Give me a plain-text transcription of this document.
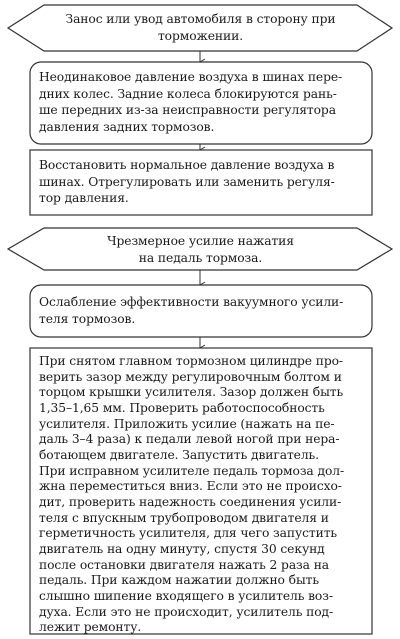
Занос или увод автомобиля в сторону при
торможении.
Неодинаковое давление воздуха в шинах пере-
дних колес. Задние колеса блокируются рань-
ше передних из-за неисправности регулятора
давления задних тормозов.
Восстановить нормальное давление воздуха в
шинах. Отрегулировать или заменить регуля-
тор давления.
Чрезмерное усилие нажатия
на педаль тормоза.
Ослабление эффективности вакуумного усили-
теля тормозов.
При снятом главном тормозном цилиндре про-
верить зазор между регулировочным болтом и
торцом крышки усилителя. Зазор должен быть
1,35–1,65 мм. Проверить работоспособность
усилителя. Приложить усилие (нажать на пе-
даль 3–4 раза) к педали левой ногой при нера-
ботающем двигателе. Запустить двигатель.
При исправном усилителе педаль тормоза дол-
жна переместиться вниз. Если это не происхо-
дит, проверить надежность соединения усили-
теля с впускным трубопроводом двигателя и
герметичность усилителя, для чего запустить
двигатель на одну минуту, спустя 30 секунд
после остановки двигателя нажать 2 раза на
педаль. При каждом нажатии должно быть
слышно шипение входящего в усилитель воз-
духа. Если это не происходит, усилитель под-
лежит ремонту.
